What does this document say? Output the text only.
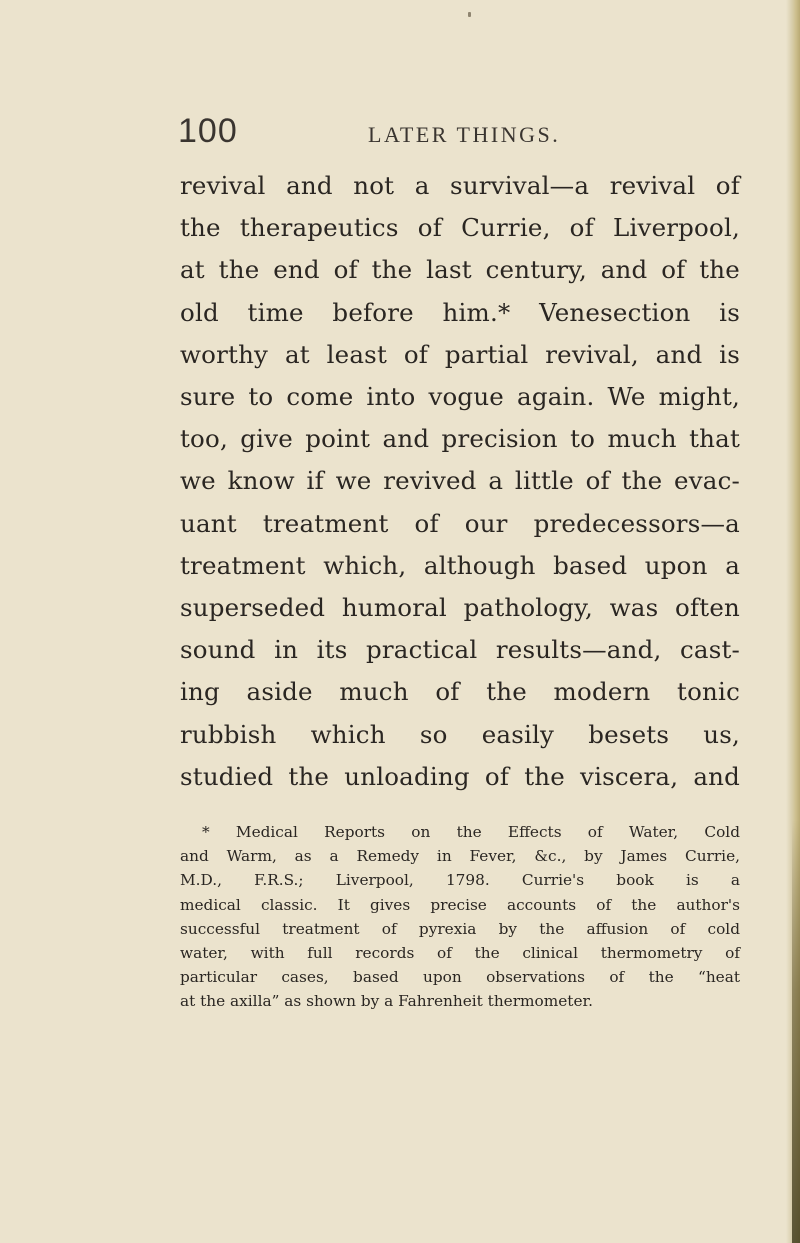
100	LATER THINGS.
revival and not a survival—a revival of
the therapeutics of Currie, of Liverpool,
at the end of the last century, and of the
old time before him.* Venesection is
worthy at least of partial revival, and is
sure to come into vogue again. We might,
too, give point and precision to much that
we know if we revived a little of the evac-
uant treatment of our predecessors—a
treatment which, although based upon a
superseded humoral pathology, was often
sound in its practical results—and, cast-
ing aside much of the modern tonic
rubbish which so easily besets us,
studied the unloading of the viscera, and
* Medical Reports on the Effects of Water, Cold
and Warm, as a Remedy in Fever, &c., by James Currie,
M.D., F.R.S.; Liverpool, 1798. Currie's book is a
medical classic. It gives precise accounts of the author's
successful treatment of pyrexia by the affusion of cold
water, with full records of the clinical thermometry of
particular cases, based upon observations of the “heat
at the axilla” as shown by a Fahrenheit thermometer.
